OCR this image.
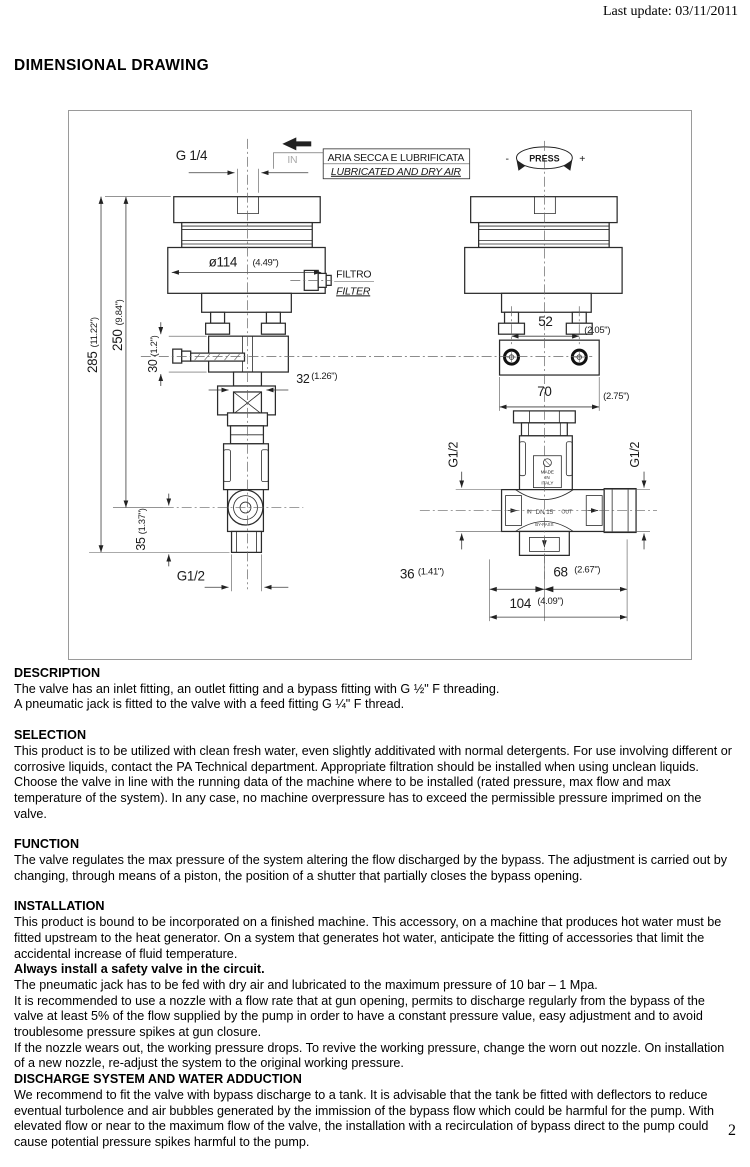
Last update: 03/11/2011
DIMENSIONAL DRAWING
G 1/4	IN	ARIA SECCA E LUBRIFICATA
LUBRICATED AND DRY AIR
- PRESS +
ø114 (4.49")
FILTRO
FILTER
285(11.22") 250(9.84")
30(1.2")
32 (1.26")
35(1.37")
G1/2
52
(2.05")
70	(2.75")
G1/2	G1/2
MADE
IN
ITALY
IN DN 15 OUT
BY-PASS
36 (1.41")	68 (2.67")
104 (4.09")
DESCRIPTION

The valve has an inlet fitting, an outlet fitting and a bypass fitting with G ½" F threading.

A pneumatic jack is fitted to the valve with a feed fitting G ¼" F thread.

SELECTION

This product is to be utilized with clean fresh water, even slightly additivated with normal detergents. For use involving different or corrosive liquids, contact the PA Technical department. Appropriate filtration should be installed when using unclean liquids. Choose the valve in line with the running data of the machine where to be installed (rated pressure, max flow and max temperature of the system). In any case, no machine overpressure has to exceed the permissible pressure imprimed on the valve.

FUNCTION

The valve regulates the max pressure of the system altering the flow discharged by the bypass. The adjustment is carried out by changing, through means of a piston, the position of a shutter that partially closes the bypass opening.

INSTALLATION

This product is bound to be incorporated on a finished machine. This accessory, on a machine that produces hot water must be fitted upstream to the heat generator. On a system that generates hot water, anticipate the fitting of accessories that limit the accidental increase of fluid temperature.

Always install a safety valve in the circuit.

The pneumatic jack has to be fed with dry air and lubricated to the maximum pressure of 10 bar – 1 Mpa.

It is recommended to use a nozzle with a flow rate that at gun opening, permits to discharge regularly from the bypass of the valve at least 5% of the flow supplied by the pump in order to have a constant pressure value, easy adjustment and to avoid troublesome pressure spikes at gun closure.

If the nozzle wears out, the working pressure drops. To revive the working pressure, change the worn out nozzle. On installation of a new nozzle, re-adjust the system to the original working pressure.

DISCHARGE SYSTEM AND WATER ADDUCTION

We recommend to fit the valve with bypass discharge to a tank. It is advisable that the tank be fitted with deflectors to reduce eventual turbolence and air bubbles generated by the immission of the bypass flow which could be harmful for the pump. With elevated flow or near to the maximum flow of the valve, the installation with a recirculation of bypass direct to the pump could cause potential pressure spikes harmful to the pump.

2
